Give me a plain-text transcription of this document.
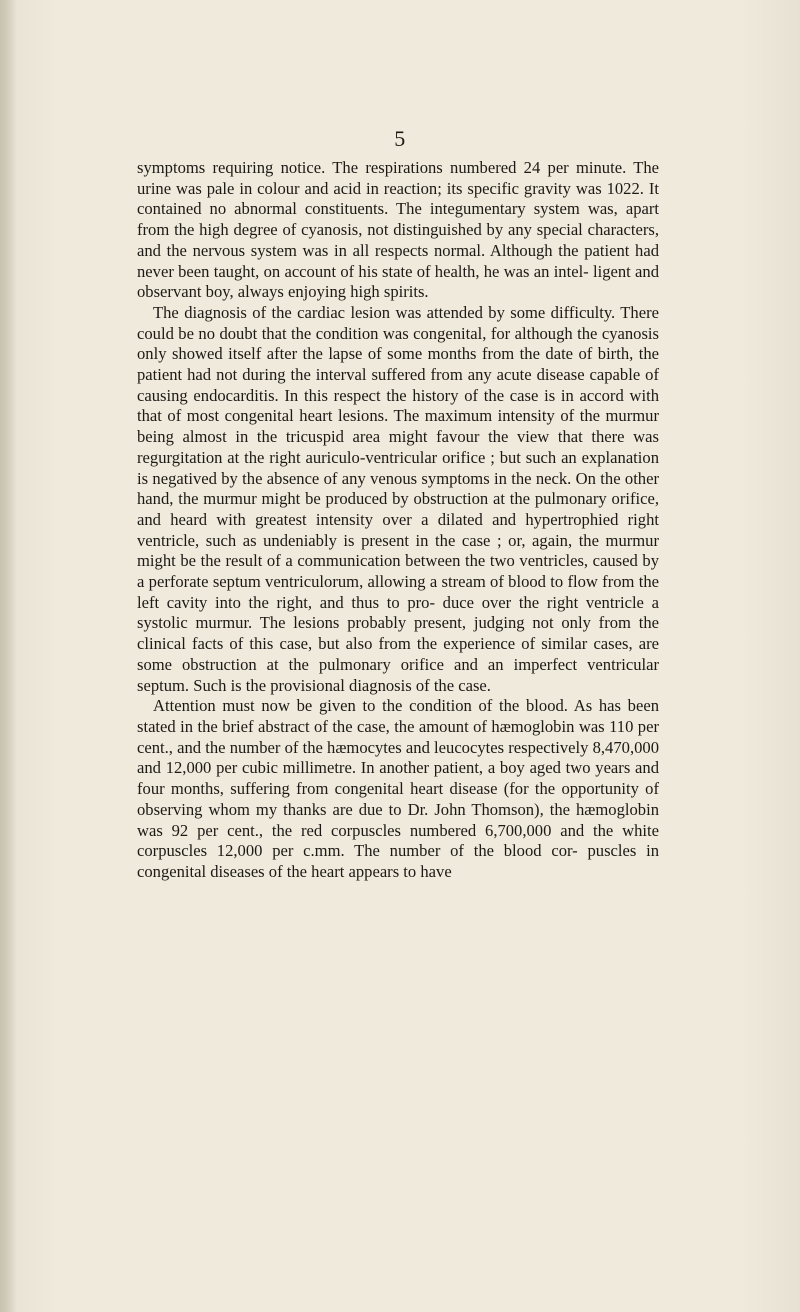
5

symptoms requiring notice. The respirations numbered 24 per minute. The urine was pale in colour and acid in reaction; its specific gravity was 1022. It contained no abnormal constituents. The integumentary system was, apart from the high degree of cyanosis, not distinguished by any special characters, and the nervous system was in all respects normal. Although the patient had never been taught, on account of his state of health, he was an intel- ligent and observant boy, always enjoying high spirits.

The diagnosis of the cardiac lesion was attended by some difficulty. There could be no doubt that the condition was congenital, for although the cyanosis only showed itself after the lapse of some months from the date of birth, the patient had not during the interval suffered from any acute disease capable of causing endocarditis. In this respect the history of the case is in accord with that of most congenital heart lesions. The maximum intensity of the murmur being almost in the tricuspid area might favour the view that there was regurgitation at the right auriculo-ventricular orifice ; but such an explanation is negatived by the absence of any venous symptoms in the neck. On the other hand, the murmur might be produced by obstruction at the pulmonary orifice, and heard with greatest intensity over a dilated and hypertrophied right ventricle, such as undeniably is present in the case ; or, again, the murmur might be the result of a communication between the two ventricles, caused by a perforate septum ventriculorum, allowing a stream of blood to flow from the left cavity into the right, and thus to pro- duce over the right ventricle a systolic murmur. The lesions probably present, judging not only from the clinical facts of this case, but also from the experience of similar cases, are some obstruction at the pulmonary orifice and an imperfect ventricular septum. Such is the provisional diagnosis of the case.

Attention must now be given to the condition of the blood. As has been stated in the brief abstract of the case, the amount of hæmoglobin was 110 per cent., and the number of the hæmocytes and leucocytes respectively 8,470,000 and 12,000 per cubic millimetre. In another patient, a boy aged two years and four months, suffering from congenital heart disease (for the opportunity of observing whom my thanks are due to Dr. John Thomson), the hæmoglobin was 92 per cent., the red corpuscles numbered 6,700,000 and the white corpuscles 12,000 per c.mm. The number of the blood cor- puscles in congenital diseases of the heart appears to have
